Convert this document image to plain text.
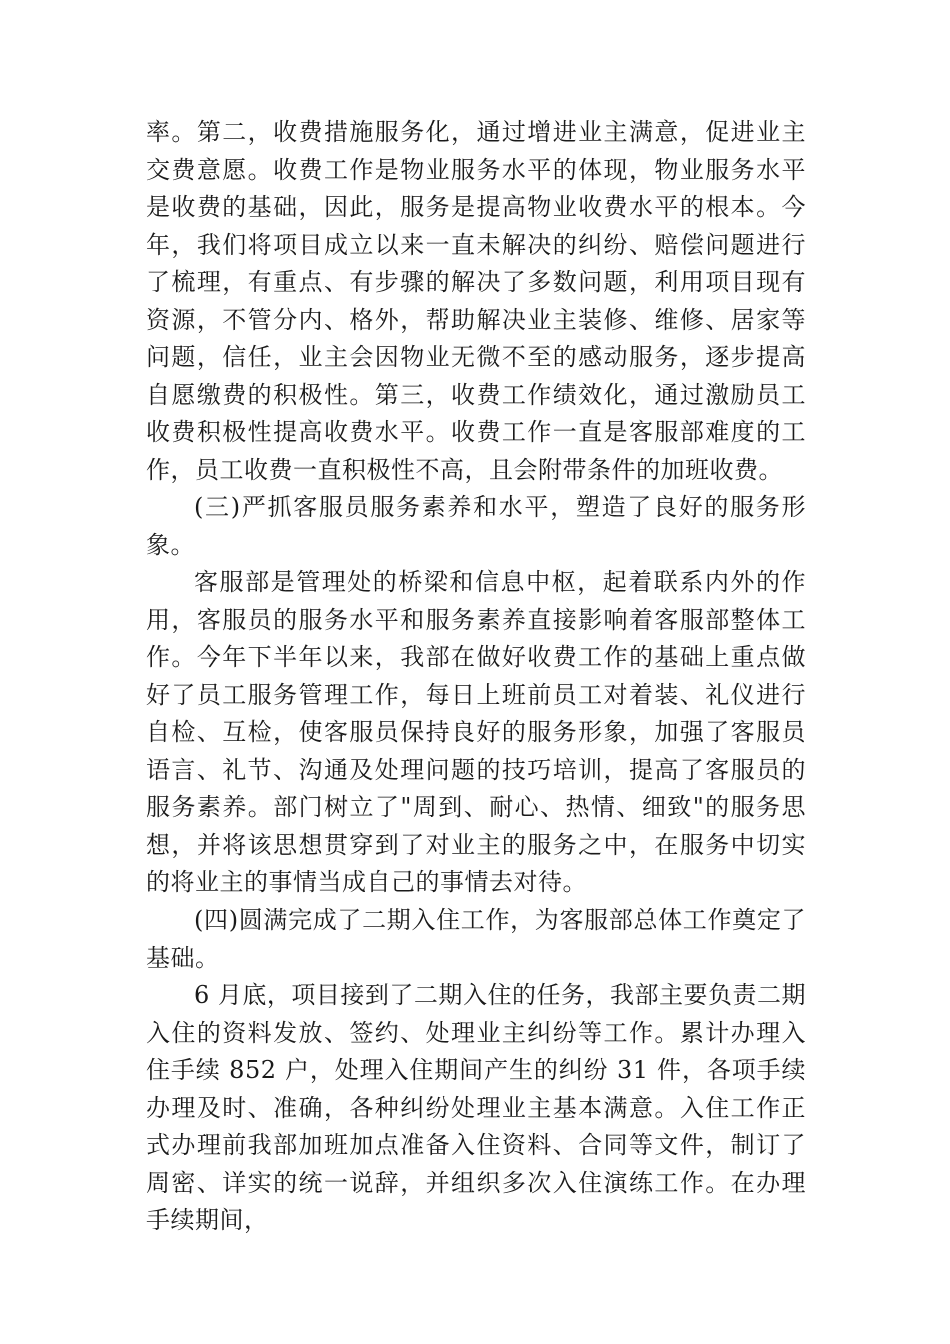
率。第二，收费措施服务化，通过增进业主满意，促进业主交费意愿。收费工作是物业服务水平的体现，物业服务水平是收费的基础，因此，服务是提高物业收费水平的根本。今年，我们将项目成立以来一直未解决的纠纷、赔偿问题进行了梳理，有重点、有步骤的解决了多数问题，利用项目现有资源，不管分内、格外，帮助解决业主装修、维修、居家等问题，信任，业主会因物业无微不至的感动服务，逐步提高自愿缴费的积极性。第三，收费工作绩效化，通过激励员工收费积极性提高收费水平。收费工作一直是客服部难度的工作，员工收费一直积极性不高，且会附带条件的加班收费。

(三)严抓客服员服务素养和水平，塑造了良好的服务形象。

客服部是管理处的桥梁和信息中枢，起着联系内外的作用，客服员的服务水平和服务素养直接影响着客服部整体工作。今年下半年以来，我部在做好收费工作的基础上重点做好了员工服务管理工作，每日上班前员工对着装、礼仪进行自检、互检，使客服员保持良好的服务形象，加强了客服员语言、礼节、沟通及处理问题的技巧培训，提高了客服员的服务素养。部门树立了"周到、耐心、热情、细致"的服务思想，并将该思想贯穿到了对业主的服务之中，在服务中切实的将业主的事情当成自己的事情去对待。

(四)圆满完成了二期入住工作，为客服部总体工作奠定了基础。

6 月底，项目接到了二期入住的任务，我部主要负责二期入住的资料发放、签约、处理业主纠纷等工作。累计办理入住手续 852 户，处理入住期间产生的纠纷 31 件，各项手续办理及时、准确，各种纠纷处理业主基本满意。入住工作正式办理前我部加班加点准备入住资料、合同等文件，制订了周密、详实的统一说辞，并组织多次入住演练工作。在办理手续期间，
